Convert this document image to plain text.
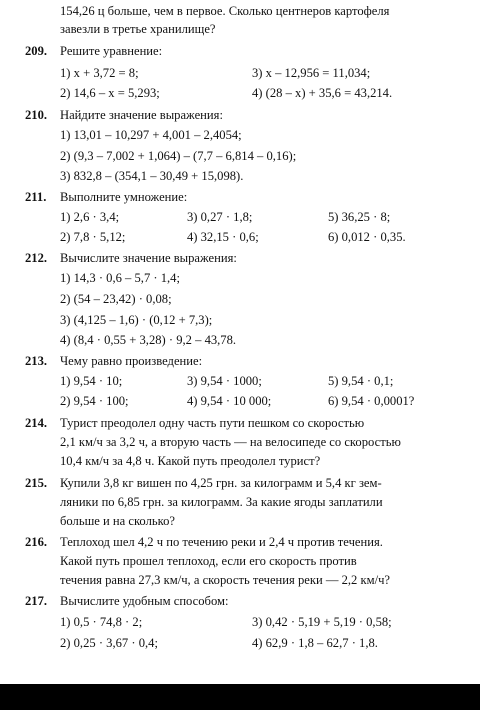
154,26 ц больше, чем в первое. Сколько центнеров картофеля
завезли в третье хранилище?
209. Решите уравнение:
1) x + 3,72 = 8;	3) x – 12,956 = 11,034;
2) 14,6 – x = 5,293;	4) (28 – x) + 35,6 = 43,214.
210. Найдите значение выражения:
1) 13,01 – 10,297 + 4,001 – 2,4054;
2) (9,3 – 7,002 + 1,064) – (7,7 – 6,814 – 0,16);
3) 832,8 – (354,1 – 30,49 + 15,098).
211. Выполните умножение:
1) 2,6 · 3,4;	3) 0,27 · 1,8;	5) 36,25 · 8;
2) 7,8 · 5,12;	4) 32,15 · 0,6;	6) 0,012 · 0,35.
212. Вычислите значение выражения:
1) 14,3 · 0,6 – 5,7 · 1,4;
2) (54 – 23,42) · 0,08;
3) (4,125 – 1,6) · (0,12 + 7,3);
4) (8,4 · 0,55 + 3,28) · 9,2 – 43,78.
213. Чему равно произведение:
1) 9,54 · 10;	3) 9,54 · 1000;	5) 9,54 · 0,1;
2) 9,54 · 100;	4) 9,54 · 10 000;	6) 9,54 · 0,0001?
214. Турист преодолел одну часть пути пешком со скоростью
2,1 км/ч за 3,2 ч, а вторую часть — на велосипеде со скоростью
10,4 км/ч за 4,8 ч. Какой путь преодолел турист?
215. Купили 3,8 кг вишен по 4,25 грн. за килограмм и 5,4 кг зем-
ляники по 6,85 грн. за килограмм. За какие ягоды заплатили
больше и на сколько?
216. Теплоход шел 4,2 ч по течению реки и 2,4 ч против течения.
Какой путь прошел теплоход, если его скорость против
течения равна 27,3 км/ч, а скорость течения реки — 2,2 км/ч?
217. Вычислите удобным способом:
1) 0,5 · 74,8 · 2;	3) 0,42 · 5,19 + 5,19 · 0,58;
2) 0,25 · 3,67 · 0,4;	4) 62,9 · 1,8 – 62,7 · 1,8.
